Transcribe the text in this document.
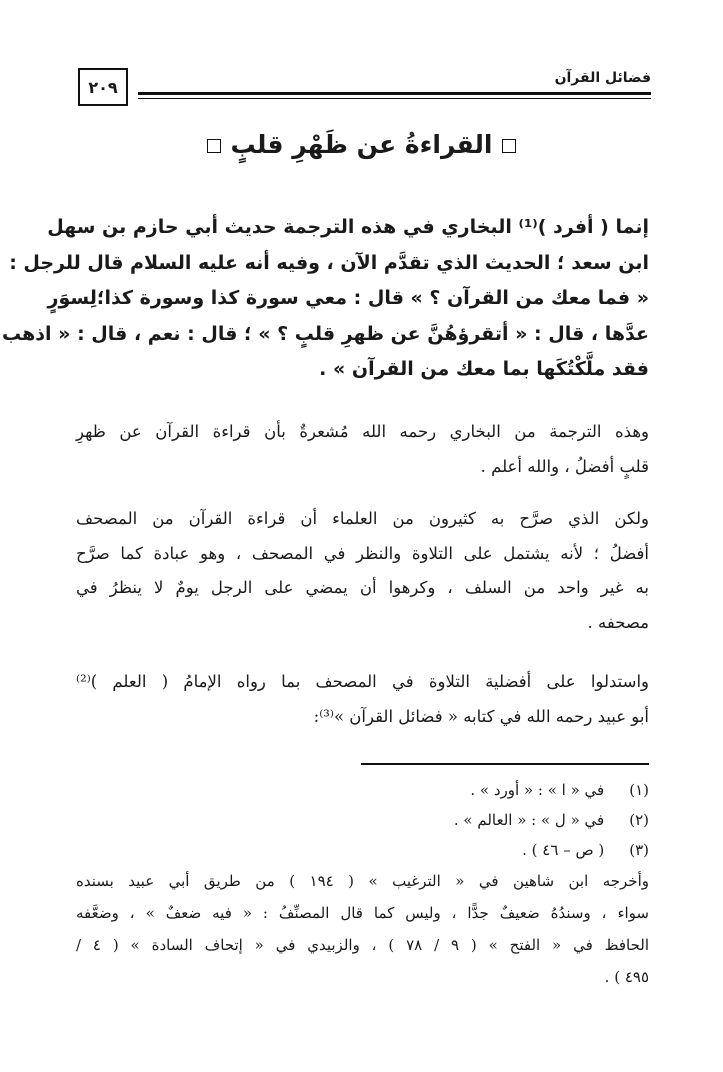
٢٠٩	فضائل القرآن
القراءةُ عن ظَهْرِ قلبٍ
إنما ( أفرد )⁽¹⁾ البخاري في هذه الترجمة حديث أبي حازم بن سهل
ابن سعد ؛ الحديث الذي تقدَّم الآن ، وفيه أنه عليه السلام قال للرجل :
« فما معك من القرآن ؟ » قال : معي سورة كذا وسورة كذا؛لِسوَرٍ
عدَّها ، قال : « أتقرؤهُنَّ عن ظهرِ قلبٍ ؟ » ؛ قال : نعم ، قال : « اذهب
فقد ملَّكْتُكَها بما معك من القرآن » .
وهذه الترجمة من البخاري رحمه الله مُشعرةٌ بأن قراءة القرآن عن ظهرِ
قلبٍ أفضلُ ، والله أعلم .
ولكن الذي صرَّح به كثيرون من العلماء أن قراءة القرآن من المصحف
أفضلُ ؛ لأنه يشتمل على التلاوة والنظر في المصحف ، وهو عبادة كما صرَّح
به غير واحد من السلف ، وكرهوا أن يمضي على الرجل يومٌ لا ينظرُ في
مصحفه .
واستدلوا على أفضلية التلاوة في المصحف بما رواه الإمامُ ( العلم )⁽²⁾
أبو عبيد رحمه الله في كتابه « فضائل القرآن »⁽³⁾:
(١) في « ا » : « أورد » .
(٢) في « ل » : « العالم » .
(٣) ( ص – ٤٦ ) .
وأخرجه ابن شاهين في « الترغيب » ( ١٩٤ ) من طريق أبي عبيد بسنده
سواء ، وسندُهُ ضعيفٌ جدًّا ، وليس كما قال المصنِّفُ : « فيه ضعفٌ » ، وضعَّفه
الحافظ في « الفتح » ( ٩ / ٧٨ ) ، والزبيدي في « إتحاف السادة » ( ٤ /
٤٩٥ ) .
